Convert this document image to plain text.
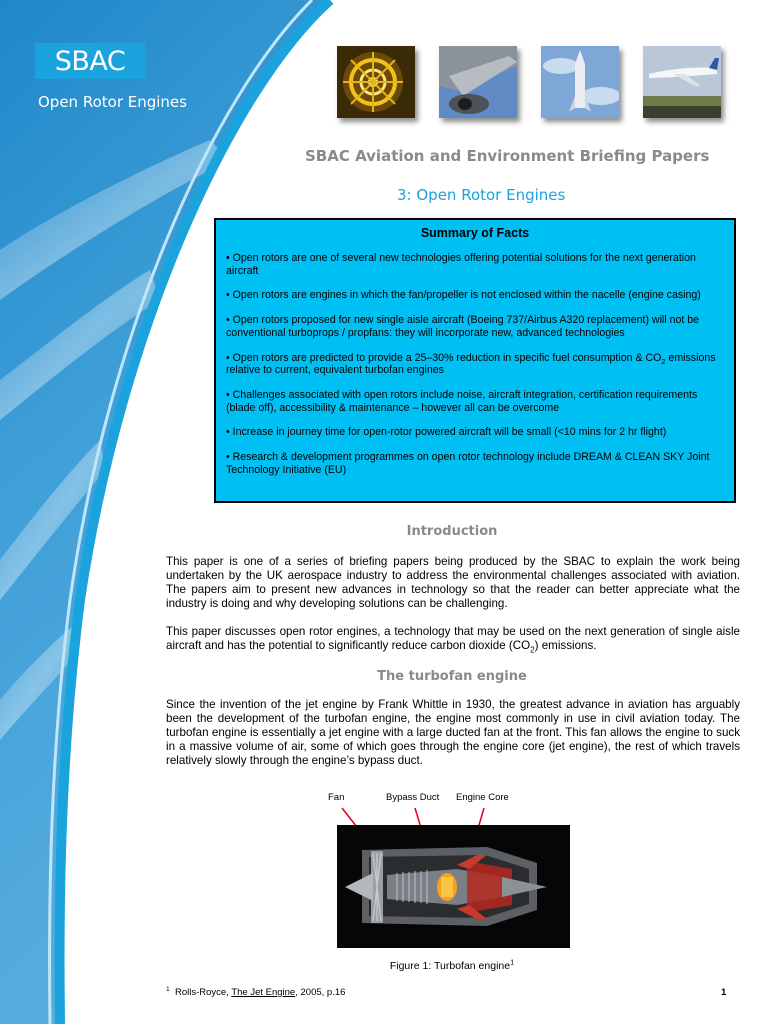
SBAC
Open Rotor Engines
SBAC Aviation and Environment Briefing Papers
3: Open Rotor Engines
Summary of Facts

• Open rotors are one of several new technologies offering potential solutions for the next generation aircraft

• Open rotors are engines in which the fan/propeller is not enclosed within the nacelle (engine casing)

• Open rotors proposed for new single aisle aircraft (Boeing 737/Airbus A320 replacement) will not be conventional turboprops / propfans: they will incorporate new, advanced technologies

• Open rotors are predicted to provide a 25–30% reduction in specific fuel consumption & $CO_2$ emissions relative to current, equivalent turbofan engines

• Challenges associated with open rotors include noise, aircraft integration, certification requirements (blade off), accessibility & maintenance – however all can be overcome

• Increase in journey time for open-rotor powered aircraft will be small (<10 mins for 2 hr flight)

• Research & development programmes on open rotor technology include DREAM & CLEAN SKY Joint Technology Initiative (EU)

Introduction

This paper is one of a series of briefing papers being produced by the SBAC to explain the work being undertaken by the UK aerospace industry to address the environmental challenges associated with aviation. The papers aim to present new advances in technology so that the reader can better appreciate what the industry is doing and why developing solutions can be challenging.

This paper discusses open rotor engines, a technology that may be used on the next generation of single aisle aircraft and has the potential to significantly reduce carbon dioxide $(CO_2)$ emissions.

The turbofan engine

Since the invention of the jet engine by Frank Whittle in 1930, the greatest advance in aviation has arguably been the development of the turbofan engine, the engine most commonly in use in civil aviation today. The turbofan engine is essentially a jet engine with a large ducted fan at the front. This fan allows the engine to suck in a massive volume of air, some of which goes through the engine core (jet engine), the rest of which travels relatively slowly through the engine’s bypass duct.

Fan	Bypass Duct Engine Core
Figure 1: Turbofan engine$^1$
$^1$ Rolls-Royce, The Jet Engine, 2005, p.16	1
